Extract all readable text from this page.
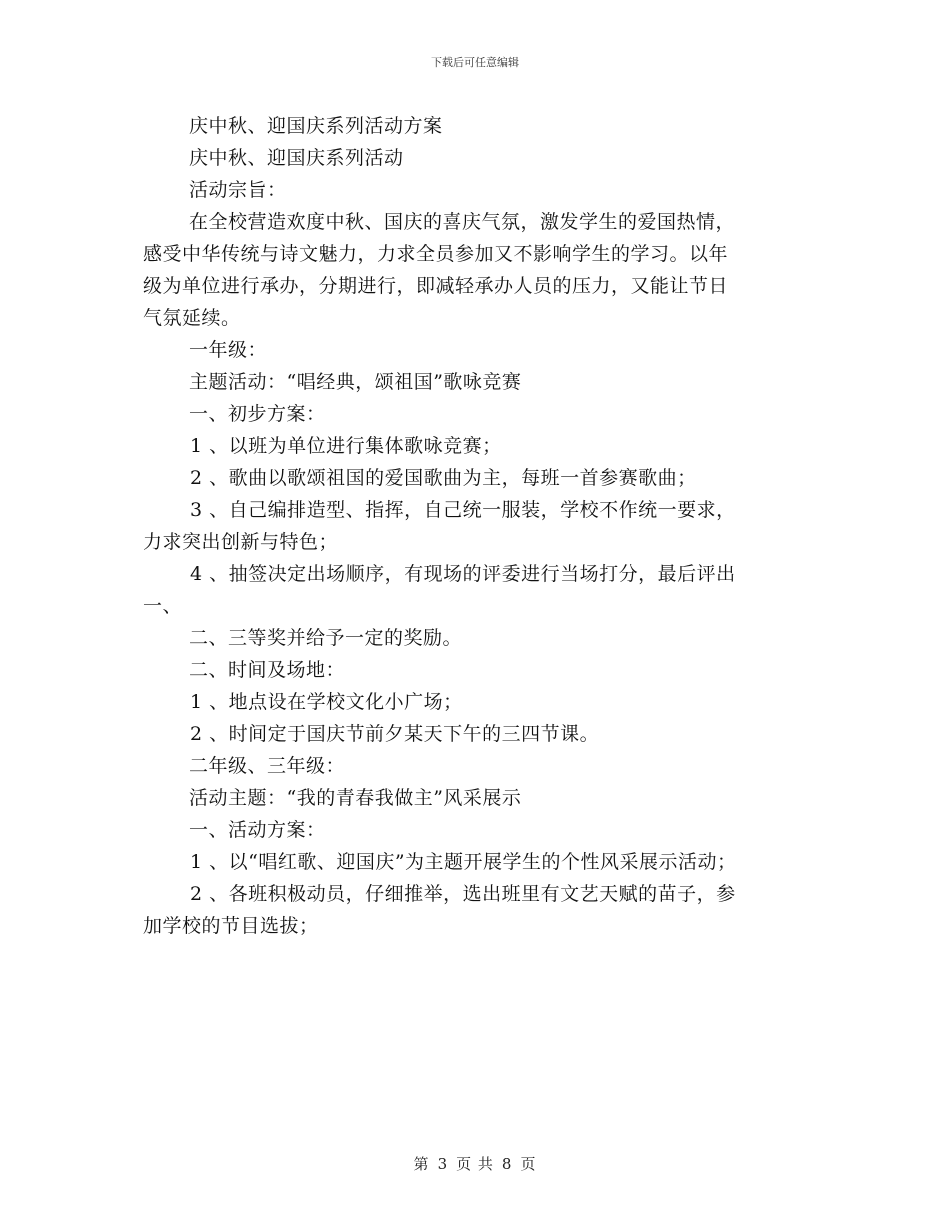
下载后可任意编辑
庆中秋、迎国庆系列活动方案
庆中秋、迎国庆系列活动
活动宗旨：
在全校营造欢度中秋、国庆的喜庆气氛，激发学生的爱国热情，
感受中华传统与诗文魅力，力求全员参加又不影响学生的学习。以年
级为单位进行承办，分期进行，即减轻承办人员的压力，又能让节日
气氛延续。
一年级：
主题活动：“唱经典，颂祖国”歌咏竞赛
一、初步方案：
1 、以班为单位进行集体歌咏竞赛；
2 、歌曲以歌颂祖国的爱国歌曲为主，每班一首参赛歌曲；
3 、自己编排造型、指挥，自己统一服装，学校不作统一要求，
力求突出创新与特色；
4 、抽签决定出场顺序，有现场的评委进行当场打分，最后评出
一、
二、三等奖并给予一定的奖励。
二、时间及场地：
1 、地点设在学校文化小广场；
2 、时间定于国庆节前夕某天下午的三四节课。
二年级、三年级：
活动主题：“我的青春我做主”风采展示
一、活动方案：
1 、以“唱红歌、迎国庆”为主题开展学生的个性风采展示活动；
2 、各班积极动员，仔细推举，选出班里有文艺天赋的苗子，参
加学校的节目选拔；
第 3 页 共 8 页
